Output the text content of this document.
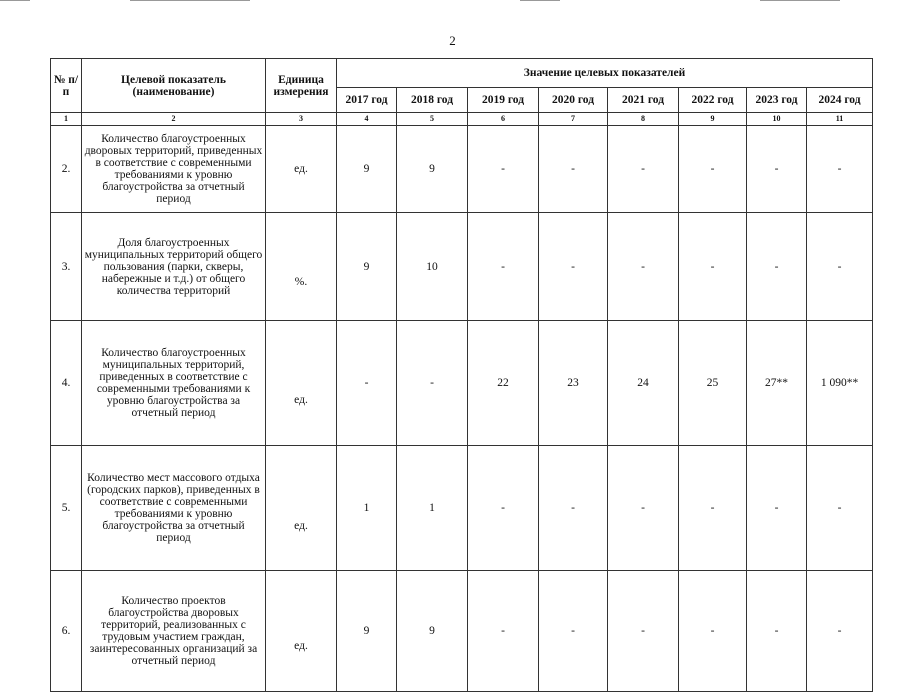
2
№ п/п	Целевой показатель (наименование)	Единица измерения	Значение целевых показателей							
			2017 год	2018 год	2019 год	2020 год	2021 год	2022 год	2023 год	2024 год
1	2	3	4	5	6	7	8	9	10	11
2.	Количество благоустроенных дворовых территорий, приведенных в соответствие с современными требованиями к уровню благоустройства за отчетный период	ед.	9	9	-	-	-	-	-	-
3.	Доля благоустроенных муниципальных территорий общего пользования (парки, скверы, набережные и т.д.) от общего количества территорий	%.	9	10	-	-	-	-	-	-
4.	Количество благоустроенных муниципальных территорий, приведенных в соответствие с современными требованиями к уровню благоустройства за отчетный период	ед.	-	-	22	23	24	25	27**	1 090**
5.	Количество мест массового отдыха (городских парков), приведенных в соответствие с современными требованиями к уровню благоустройства за отчетный период	ед.	1	1	-	-	-	-	-	-
6.	Количество проектов благоустройства дворовых территорий, реализованных с трудовым участием граждан, заинтересованных организаций за отчетный период	ед.	9	9	-	-	-	-	-	-
